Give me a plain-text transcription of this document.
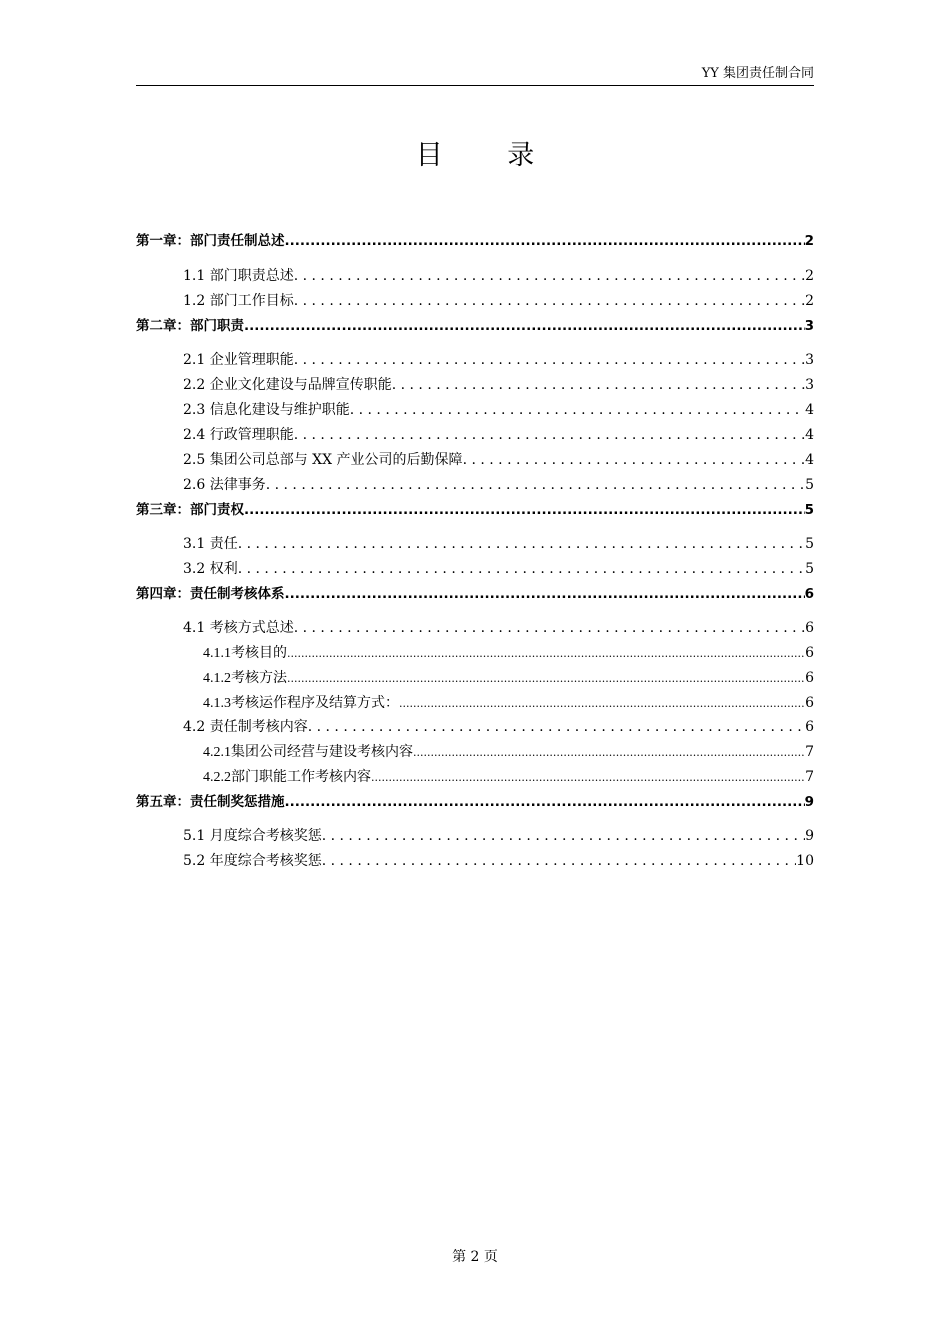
YY 集团责任制合同
目 录
第一章：部门责任制总述 .....	2
1.1 部门职责总述 . . .	2
1.2 部门工作目标 . . .	2
第二章：部门职责 .....	3
2.1 企业管理职能 . . .	3
2.2 企业文化建设与品牌宣传职能 . . .	3
2.3 信息化建设与维护职能 . . .	4
2.4 行政管理职能 . . .	4
2.5 集团公司总部与 XX 产业公司的后勤保障 . . .	4
2.6 法律事务 . . .	5
第三章：部门责权 .....	5
3.1 责任 . . .	5
3.2 权利 . . .	5
第四章：责任制考核体系 .....	6
4.1 考核方式总述 . . .	6
4.1.1考核目的 .....	6
4.1.2考核方法 .....	6
4.1.3考核运作程序及结算方式： .....	6
4.2 责任制考核内容 . . .	6
4.2.1集团公司经营与建设考核内容 .....	7
4.2.2部门职能工作考核内容 .....	7
第五章：责任制奖惩措施 .....	9
5.1 月度综合考核奖惩 . . .	9
5.2 年度综合考核奖惩 . . .	10
第 2 页
